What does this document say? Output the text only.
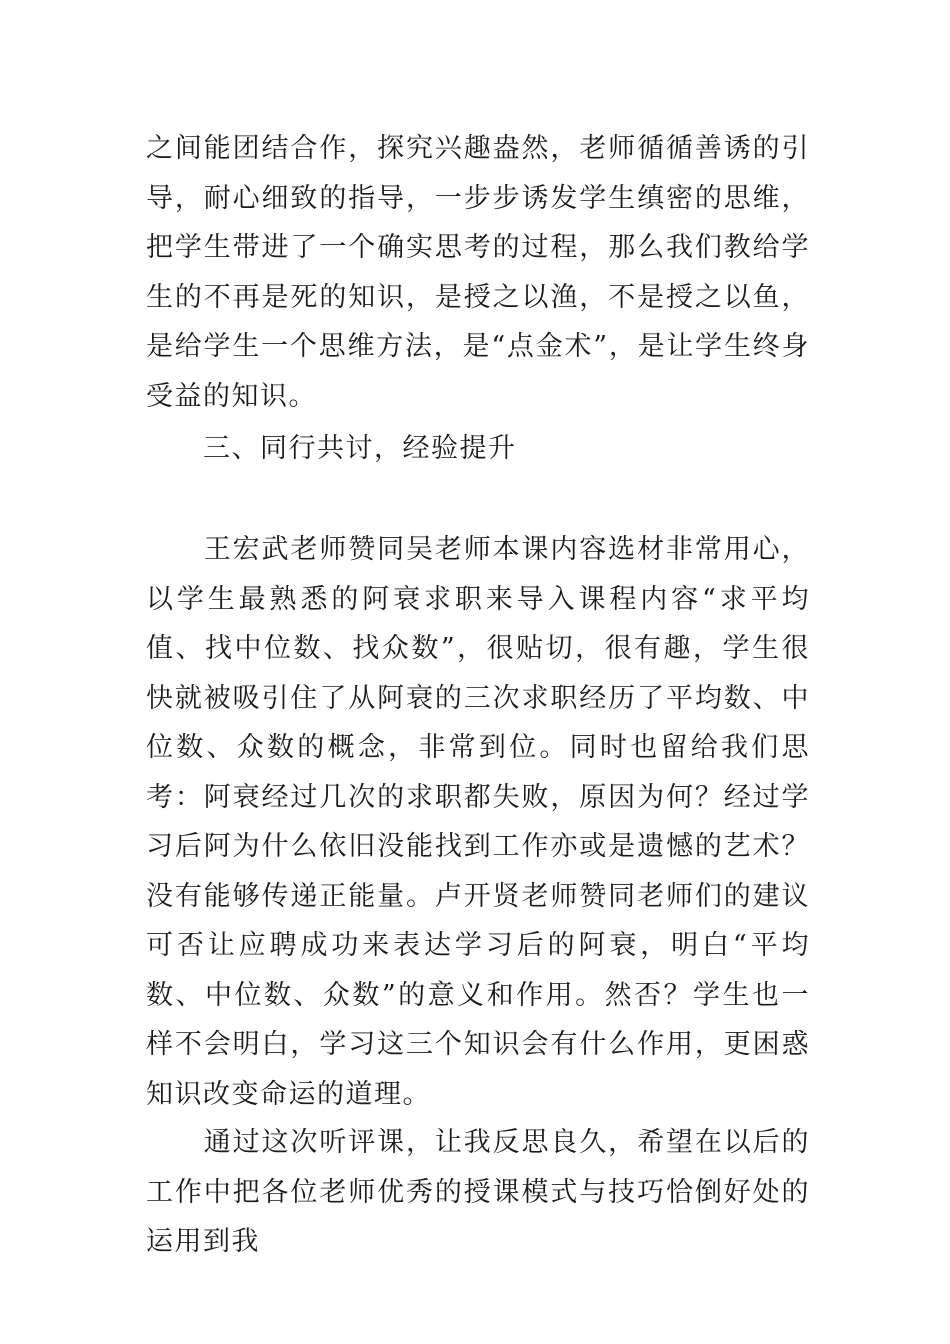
之间能团结合作，探究兴趣盎然，老师循循善诱的引导，耐心细致的指导，一步步诱发学生缜密的思维，把学生带进了一个确实思考的过程，那么我们教给学生的不再是死的知识，是授之以渔，不是授之以鱼，是给学生一个思维方法，是“点金术”，是让学生终身受益的知识。

　　三、同行共讨，经验提升

　　王宏武老师赞同吴老师本课内容选材非常用心，以学生最熟悉的阿衰求职来导入课程内容“求平均值、找中位数、找众数”，很贴切，很有趣，学生很快就被吸引住了从阿衰的三次求职经历了平均数、中位数、众数的概念，非常到位。同时也留给我们思考：阿衰经过几次的求职都失败，原因为何？经过学习后阿为什么依旧没能找到工作亦或是遗憾的艺术？没有能够传递正能量。卢开贤老师赞同老师们的建议可否让应聘成功来表达学习后的阿衰，明白“平均数、中位数、众数”的意义和作用。然否？学生也一样不会明白，学习这三个知识会有什么作用，更困惑知识改变命运的道理。

　　通过这次听评课，让我反思良久，希望在以后的工作中把各位老师优秀的授课模式与技巧恰倒好处的运用到我
